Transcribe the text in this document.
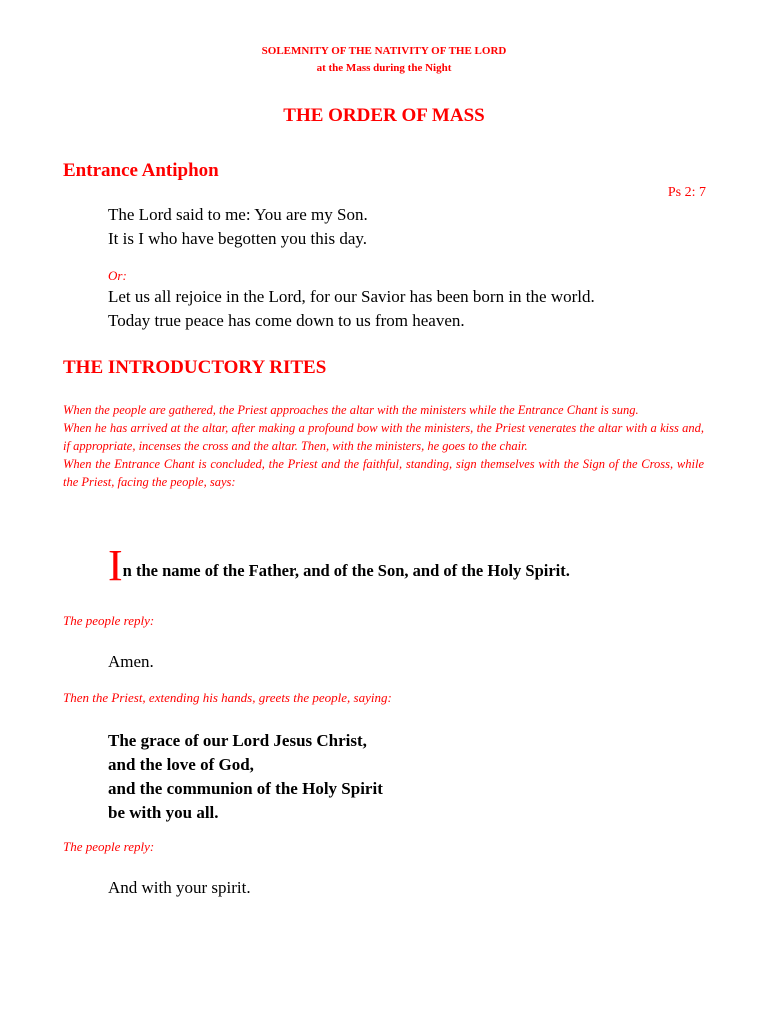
SOLEMNITY OF THE NATIVITY OF THE LORD
at the Mass during the Night
THE ORDER OF MASS
Entrance Antiphon
Ps 2: 7
The Lord said to me: You are my Son.
It is I who have begotten you this day.
Or:
Let us all rejoice in the Lord, for our Savior has been born in the world.
Today true peace has come down to us from heaven.
THE INTRODUCTORY RITES

When the people are gathered, the Priest approaches the altar with the ministers while the Entrance Chant is sung.

When he has arrived at the altar, after making a profound bow with the ministers, the Priest venerates the altar with a kiss and, if appropriate, incenses the cross and the altar. Then, with the ministers, he goes to the chair.

When the Entrance Chant is concluded, the Priest and the faithful, standing, sign themselves with the Sign of the Cross, while the Priest, facing the people, says:

In the name of the Father, and of the Son, and of the Holy Spirit.
The people reply:
Amen.
Then the Priest, extending his hands, greets the people, saying:
The grace of our Lord Jesus Christ,
and the love of God,
and the communion of the Holy Spirit
be with you all.
The people reply:
And with your spirit.
